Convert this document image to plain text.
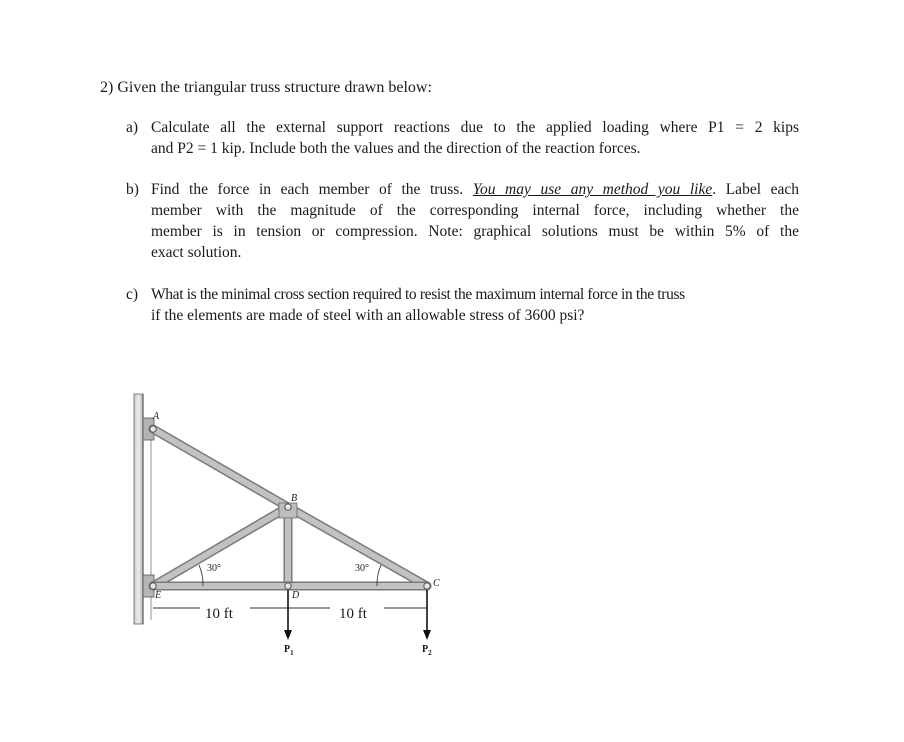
2) Given the triangular truss structure drawn below:
a) Calculate all the external support reactions due to the applied loading where P1 = 2 kips
and P2 = 1 kip. Include both the values and the direction of the reaction forces.
b) Find the force in each member of the truss. You may use any method you like. Label each
member with the magnitude of the corresponding internal force, including whether the
member is in tension or compression. Note: graphical solutions must be within 5% of the
exact solution.
c) What is the minimal cross section required to resist the maximum internal force in the truss
if the elements are made of steel with an allowable stress of 3600 psi?
A
B
C
D
E
30°	30°
10 ft	10 ft
$P_1$	$P_2$
